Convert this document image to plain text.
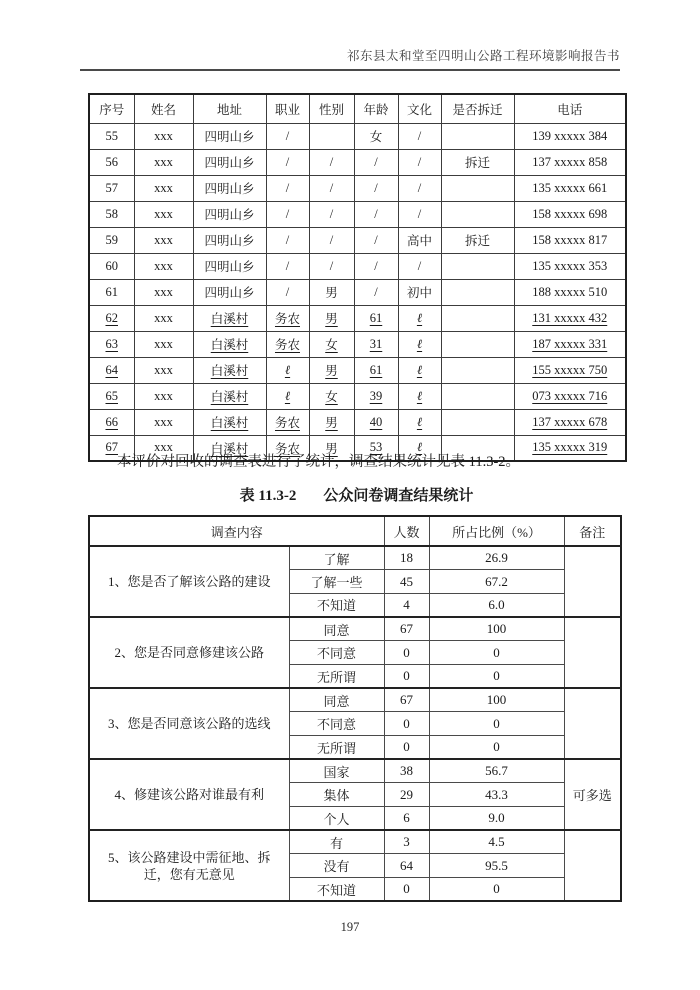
祁东县太和堂至四明山公路工程环境影响报告书
序号	姓名	地址	职业	性别	年龄	文化	是否拆迁	电话
55	xxx	四明山乡	/		女	/		139 xxxxx 384
56	xxx	四明山乡	/	/	/	/	拆迁	137 xxxxx 858
57	xxx	四明山乡	/	/	/	/		135 xxxxx 661
58	xxx	四明山乡	/	/	/	/		158 xxxxx 698
59	xxx	四明山乡	/	/	/	高中	拆迁	158 xxxxx 817
60	xxx	四明山乡	/	/	/	/		135 xxxxx 353
61	xxx	四明山乡	/	男	/	初中		188 xxxxx 510
62	xxx	白溪村	务农	男	61	ℓ		131 xxxxx 432
63	xxx	白溪村	务农	女	31	ℓ		187 xxxxx 331
64	xxx	白溪村	ℓ	男	61	ℓ		155 xxxxx 750
65	xxx	白溪村	ℓ	女	39	ℓ		073 xxxxx 716
66	xxx	白溪村	务农	男	40	ℓ		137 xxxxx 678
67	xxx	白溪村	务农	男	53	ℓ		135 xxxxx 319
本评价对回收的调查表进行了统计，调查结果统计见表 11.3-2。
表 11.3-2 公众问卷调查结果统计
调查内容		人数	所占比例（%）	备注
1、您是否了解该公路的建设	了解	18	26.9	
	了解一些	45	67.2	
	不知道	4	6.0	
2、您是否同意修建该公路	同意	67	100	
	不同意	0	0	
	无所谓	0	0	
3、您是否同意该公路的选线	同意	67	100	
	不同意	0	0	
	无所谓	0	0	
4、修建该公路对谁最有利	国家	38	56.7	可多选
	集体	29	43.3	
	个人	6	9.0	
5、该公路建设中需征地、拆迁，您有无意见	有	3	4.5	
	没有	64	95.5	
	不知道	0	0	
197
